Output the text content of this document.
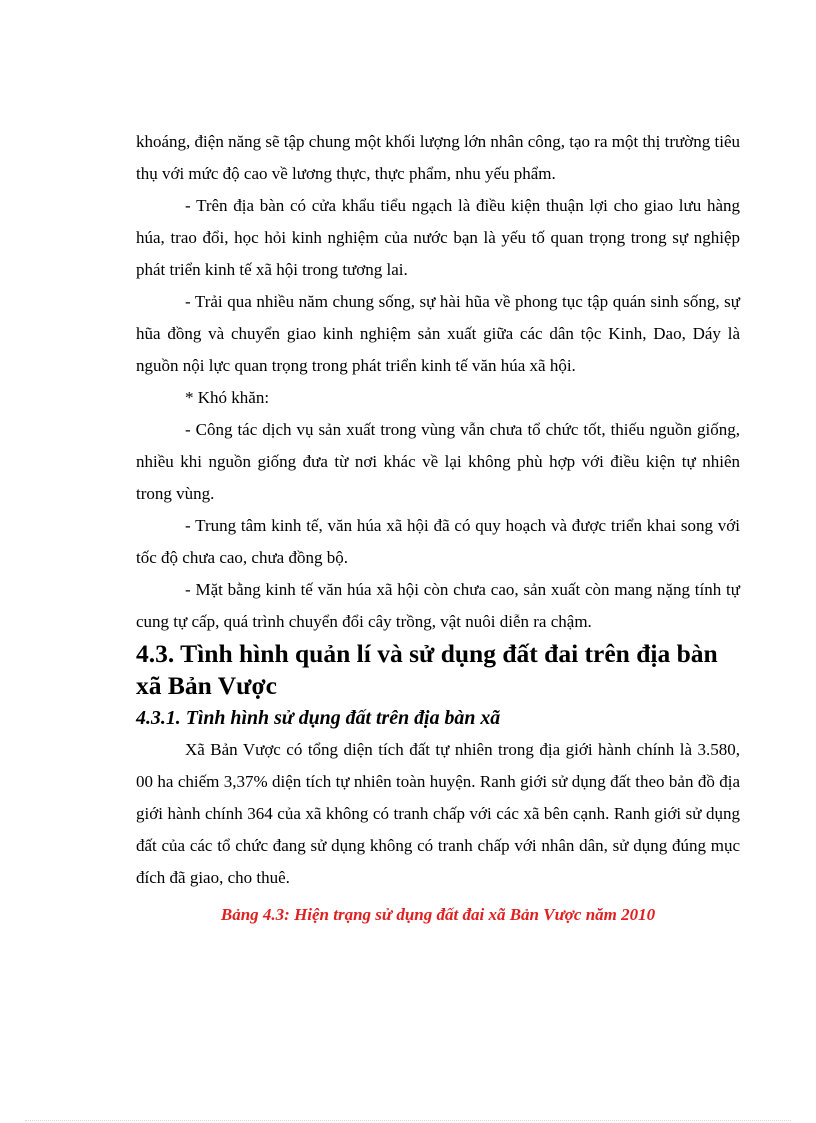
khoáng, điện năng sẽ tập chung một khối lượng lớn nhân công, tạo ra một thị trường tiêu thụ với mức độ cao về lương thực, thực phẩm, nhu yếu phẩm.

- Trên địa bàn có cửa khẩu tiểu ngạch là điều kiện thuận lợi cho giao lưu hàng húa, trao đổi, học hỏi kinh nghiệm của nước bạn là yếu tố quan trọng trong sự nghiệp phát triển kinh tế xã hội trong tương lai.

- Trải qua nhiều năm chung sống, sự hài hũa về phong tục tập quán sinh sống, sự hũa đồng và chuyển giao kinh nghiệm sản xuất giữa các dân tộc Kinh, Dao, Dáy là nguồn nội lực quan trọng trong phát triển kinh tế văn húa xã hội.

* Khó khăn:

- Công tác dịch vụ sản xuất trong vùng vẫn chưa tổ chức tốt, thiếu nguồn giống, nhiều khi nguồn giống đưa từ nơi khác về lại không phù hợp với điều kiện tự nhiên trong vùng.

- Trung tâm kinh tế, văn húa xã hội đã có quy hoạch và được triển khai song với tốc độ chưa cao, chưa đồng bộ.

- Mặt bằng kinh tế văn húa xã hội còn chưa cao, sản xuất còn mang nặng tính tự cung tự cấp, quá trình chuyển đổi cây trồng, vật nuôi diễn ra chậm.

4.3. Tình hình quản lí và sử dụng đất đai trên địa bàn xã Bản Vược
4.3.1. Tình hình sử dụng đất trên địa bàn xã

Xã Bản Vược có tổng diện tích đất tự nhiên trong địa giới hành chính là 3.580, 00 ha chiếm 3,37% diện tích tự nhiên toàn huyện. Ranh giới sử dụng đất theo bản đồ địa giới hành chính 364 của xã không có tranh chấp với các xã bên cạnh. Ranh giới sử dụng đất của các tổ chức đang sử dụng không có tranh chấp với nhân dân, sử dụng đúng mục đích đã giao, cho thuê.

Bảng 4.3: Hiện trạng sử dụng đất đai xã Bản Vược năm 2010
